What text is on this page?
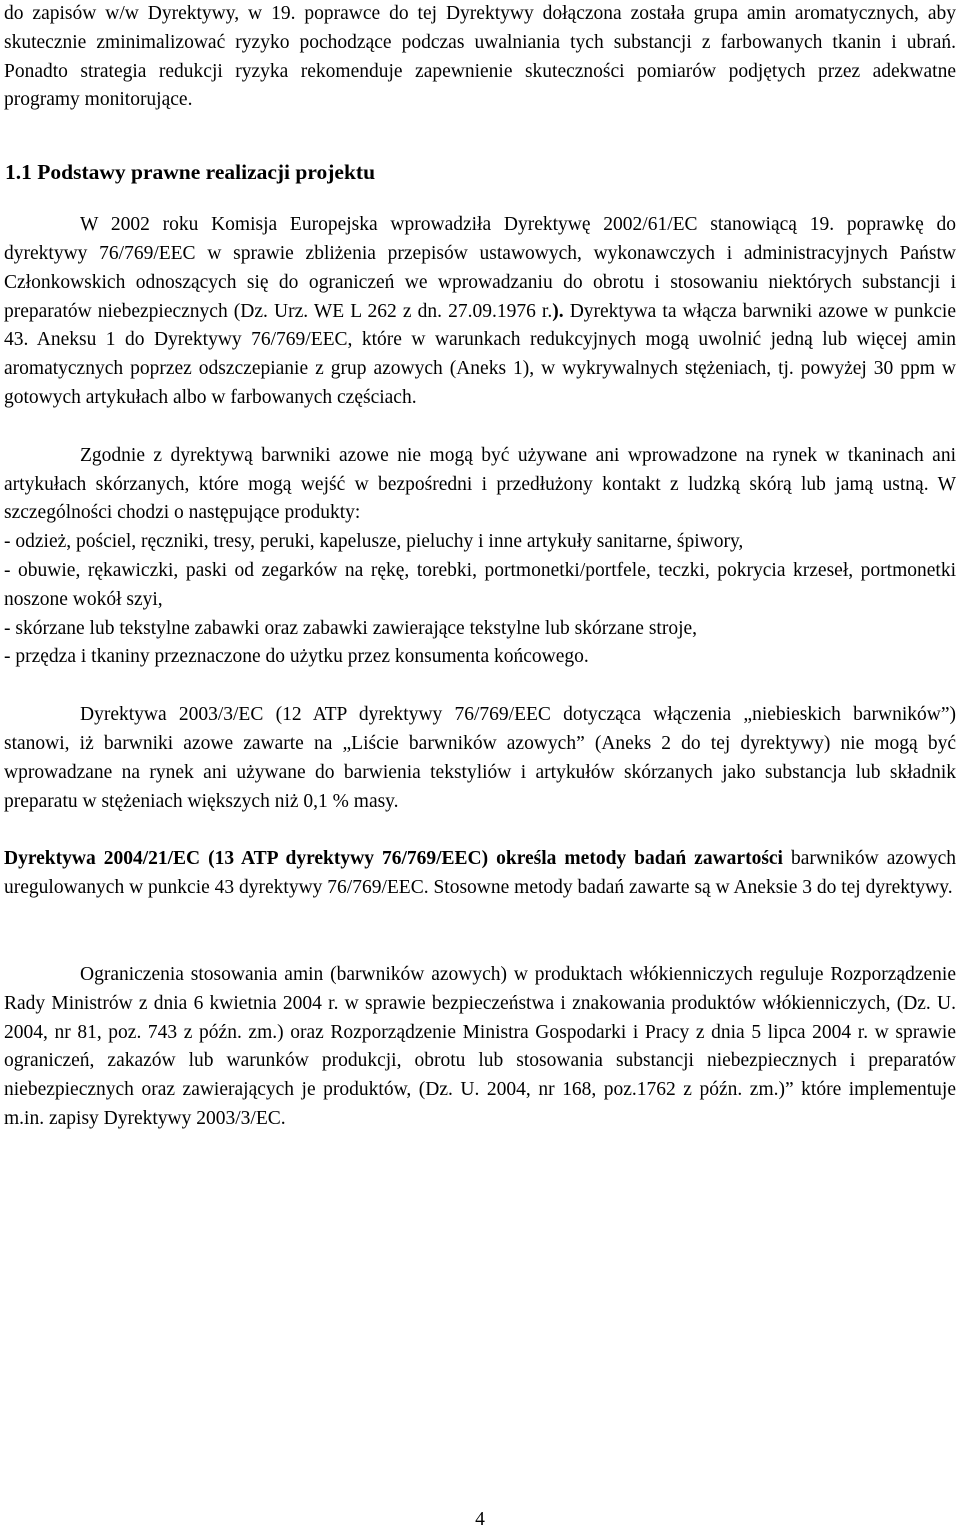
do zapisów w/w Dyrektywy, w 19. poprawce do tej Dyrektywy dołączona została grupa amin aromatycznych, aby skutecznie zminimalizować ryzyko pochodzące podczas uwalniania tych substancji z farbowanych tkanin i ubrań. Ponadto strategia redukcji ryzyka rekomenduje zapewnienie skuteczności pomiarów podjętych przez adekwatne programy monitorujące.

1.1 Podstawy prawne realizacji projektu

W 2002 roku Komisja Europejska wprowadziła Dyrektywę 2002/61/EC stanowiącą 19. poprawkę do dyrektywy 76/769/EEC w sprawie zbliżenia przepisów ustawowych, wykonawczych i administracyjnych Państw Członkowskich odnoszących się do ograniczeń we wprowadzaniu do obrotu i stosowaniu niektórych substancji i preparatów niebezpiecznych (Dz. Urz. WE L 262 z dn. 27.09.1976 r.). Dyrektywa ta włącza barwniki azowe w punkcie 43. Aneksu 1 do Dyrektywy 76/769/EEC, które w warunkach redukcyjnych mogą uwolnić jedną lub więcej amin aromatycznych poprzez odszczepianie z grup azowych (Aneks 1), w wykrywalnych stężeniach, tj. powyżej 30 ppm w gotowych artykułach albo w farbowanych częściach.

Zgodnie z dyrektywą barwniki azowe nie mogą być używane ani wprowadzone na rynek w tkaninach ani artykułach skórzanych, które mogą wejść w bezpośredni i przedłużony kontakt z ludzką skórą lub jamą ustną. W szczególności chodzi o następujące produkty:

- odzież, pościel, ręczniki, tresy, peruki, kapelusze, pieluchy i inne artykuły sanitarne, śpiwory,

- obuwie, rękawiczki, paski od zegarków na rękę, torebki, portmonetki/portfele, teczki, pokrycia krzeseł, portmonetki noszone wokół szyi,

- skórzane lub tekstylne zabawki oraz zabawki zawierające tekstylne lub skórzane stroje,

- przędza i tkaniny przeznaczone do użytku przez konsumenta końcowego.

Dyrektywa 2003/3/EC (12 ATP dyrektywy 76/769/EEC dotycząca włączenia „niebieskich barwników”) stanowi, iż barwniki azowe zawarte na „Liście barwników azowych” (Aneks 2 do tej dyrektywy) nie mogą być wprowadzane na rynek ani używane do barwienia tekstyliów i artykułów skórzanych jako substancja lub składnik preparatu w stężeniach większych niż 0,1 % masy.

Dyrektywa 2004/21/EC (13 ATP dyrektywy 76/769/EEC) określa metody badań zawartości barwników azowych uregulowanych w punkcie 43 dyrektywy 76/769/EEC. Stosowne metody badań zawarte są w Aneksie 3 do tej dyrektywy.

Ograniczenia stosowania amin (barwników azowych) w produktach włókienniczych reguluje Rozporządzenie Rady Ministrów z dnia 6 kwietnia 2004 r. w sprawie bezpieczeństwa i znakowania produktów włókienniczych, (Dz. U. 2004, nr 81, poz. 743 z późn. zm.) oraz Rozporządzenie Ministra Gospodarki i Pracy z dnia 5 lipca 2004 r. w sprawie ograniczeń, zakazów lub warunków produkcji, obrotu lub stosowania substancji niebezpiecznych i preparatów niebezpiecznych oraz zawierających je produktów, (Dz. U. 2004, nr 168, poz.1762 z późn. zm.)” które implementuje m.in. zapisy Dyrektywy 2003/3/EC.

4
